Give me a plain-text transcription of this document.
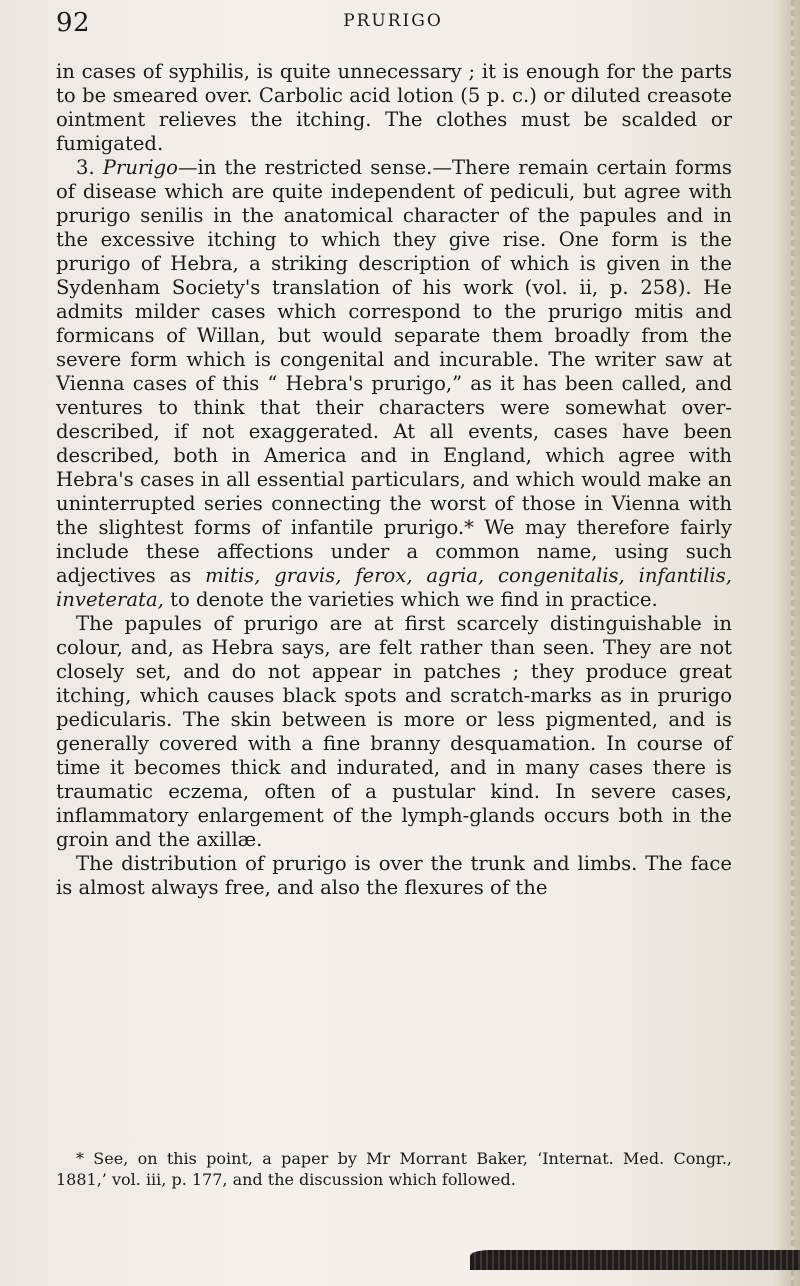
92	PRURIGO

in cases of syphilis, is quite unnecessary ; it is enough for the parts to be smeared over. Carbolic acid lotion (5 p. c.) or diluted creasote ointment relieves the itching. The clothes must be scalded or fumigated.

3. Prurigo—in the restricted sense.—There remain certain forms of disease which are quite independent of pediculi, but agree with prurigo senilis in the anatomical character of the papules and in the excessive itching to which they give rise. One form is the prurigo of Hebra, a striking description of which is given in the Sydenham Society's translation of his work (vol. ii, p. 258). He admits milder cases which correspond to the prurigo mitis and formicans of Willan, but would separate them broadly from the severe form which is congenital and incurable. The writer saw at Vienna cases of this “ Hebra's prurigo,” as it has been called, and ventures to think that their characters were somewhat over-described, if not exaggerated. At all events, cases have been described, both in America and in England, which agree with Hebra's cases in all essential particulars, and which would make an uninterrupted series connecting the worst of those in Vienna with the slightest forms of infantile prurigo.* We may therefore fairly include these affections under a common name, using such adjectives as mitis, gravis, ferox, agria, congenitalis, infantilis, inveterata, to denote the varieties which we find in practice.

The papules of prurigo are at first scarcely distinguishable in colour, and, as Hebra says, are felt rather than seen. They are not closely set, and do not appear in patches ; they produce great itching, which causes black spots and scratch-marks as in prurigo pedicularis. The skin between is more or less pigmented, and is generally covered with a fine branny desquamation. In course of time it becomes thick and indurated, and in many cases there is traumatic eczema, often of a pustular kind. In severe cases, inflammatory enlargement of the lymph-glands occurs both in the groin and the axillæ.

The distribution of prurigo is over the trunk and limbs. The face is almost always free, and also the flexures of the

* See, on this point, a paper by Mr Morrant Baker, ‘Internat. Med. Congr., 1881,’ vol. iii, p. 177, and the discussion which followed.
